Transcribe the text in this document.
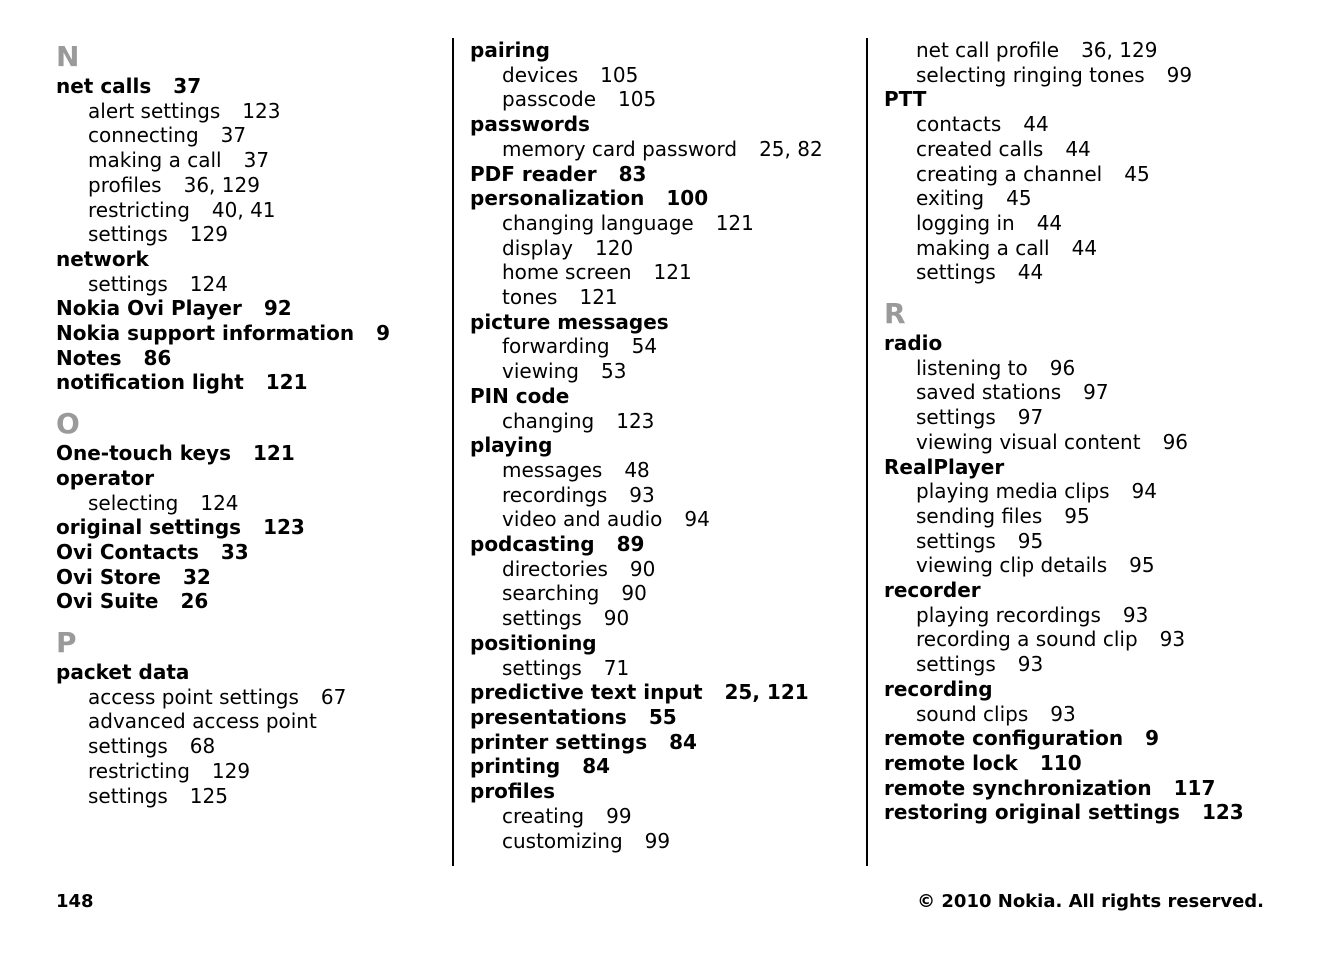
N
net calls 37
alert settings 123
connecting 37
making a call 37
profiles 36, 129
restricting 40, 41
settings 129
network
settings 124
Nokia Ovi Player 92
Nokia support information 9
Notes 86
notification light 121
O
One-touch keys 121
operator
selecting 124
original settings 123
Ovi Contacts 33
Ovi Store 32
Ovi Suite 26
P
packet data
access point settings 67
advanced access point
settings 68
restricting 129
settings 125
pairing
devices 105
passcode 105
passwords
memory card password 25, 82
PDF reader 83
personalization 100
changing language 121
display 120
home screen 121
tones 121
picture messages
forwarding 54
viewing 53
PIN code
changing 123
playing
messages 48
recordings 93
video and audio 94
podcasting 89
directories 90
searching 90
settings 90
positioning
settings 71
predictive text input 25, 121
presentations 55
printer settings 84
printing 84
profiles
creating 99
customizing 99
net call profile 36, 129
selecting ringing tones 99
PTT
contacts 44
created calls 44
creating a channel 45
exiting 45
logging in 44
making a call 44
settings 44
R
radio
listening to 96
saved stations 97
settings 97
viewing visual content 96
RealPlayer
playing media clips 94
sending files 95
settings 95
viewing clip details 95
recorder
playing recordings 93
recording a sound clip 93
settings 93
recording
sound clips 93
remote configuration 9
remote lock 110
remote synchronization 117
restoring original settings 123
148	© 2010 Nokia. All rights reserved.
